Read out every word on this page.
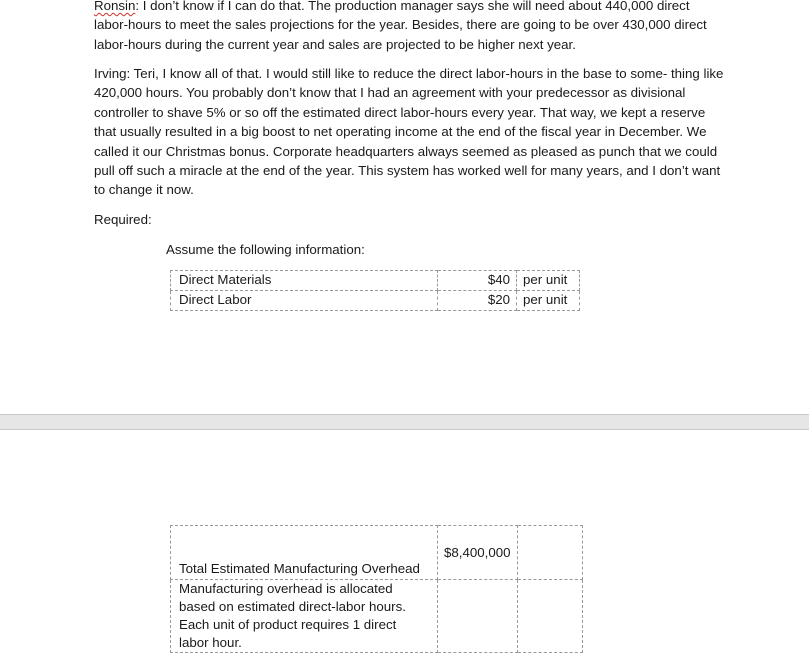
Ronsin: I don’t know if I can do that. The production manager says she will need about 440,000 direct labor-hours to meet the sales projections for the year. Besides, there are going to be over 430,000 direct labor-hours during the current year and sales are projected to be higher next year.

Irving: Teri, I know all of that. I would still like to reduce the direct labor-hours in the base to some- thing like 420,000 hours. You probably don’t know that I had an agreement with your predecessor as divisional controller to shave 5% or so off the estimated direct labor-hours every year. That way, we kept a reserve that usually resulted in a big boost to net operating income at the end of the fiscal year in December. We called it our Christmas bonus. Corporate headquarters always seemed as pleased as punch that we could pull off such a miracle at the end of the year. This system has worked well for many years, and I don’t want to change it now.

Required:

Assume the following information:

Direct Materials	$40	per unit
Direct Labor	$20	per unit
Total Estimated Manufacturing Overhead	$8,400,000	
Manufacturing overhead is allocated based on estimated direct-labor hours. Each unit of product requires 1 direct labor hour.		
